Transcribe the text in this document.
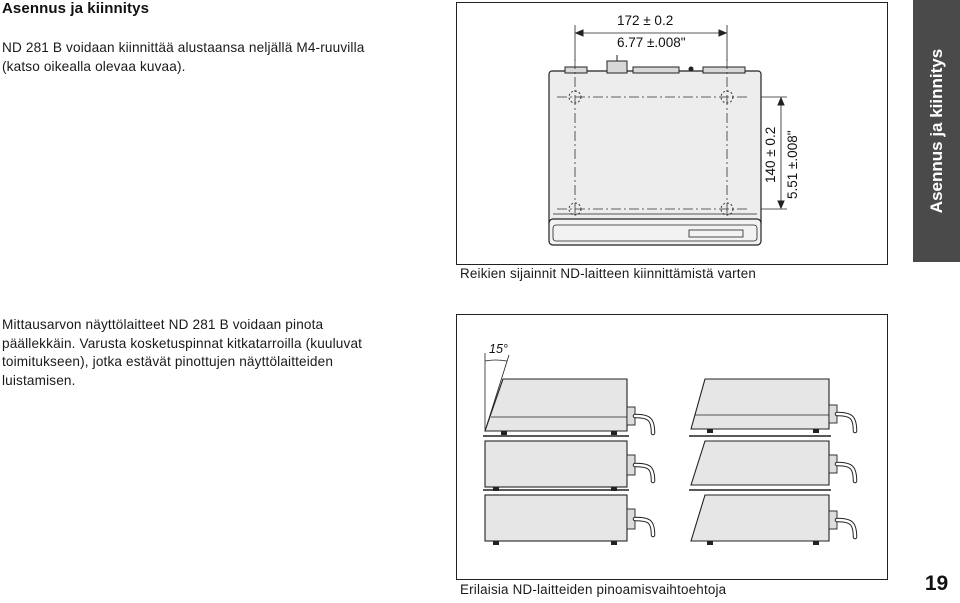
Asennus ja kiinnitys
ND 281 B voidaan kiinnittää alustaansa neljällä M4-ruuvilla
(katso oikealla olevaa kuvaa).
Mittausarvon näyttölaitteet ND 281 B voidaan pinota
päällekkäin. Varusta kosketuspinnat kitkatarroilla (kuuluvat
toimitukseen), jotka estävät pinottujen näyttölaitteiden
luistamisen.
172 ± 0.2
6.77 ±.008"
140 ± 0.2 5.51 ±.008"
Reikien sijainnit ND-laitteen kiinnittämistä varten
15°
Erilaisia ND-laitteiden pinoamisvaihtoehtoja
Asennus ja kiinnitys
19
